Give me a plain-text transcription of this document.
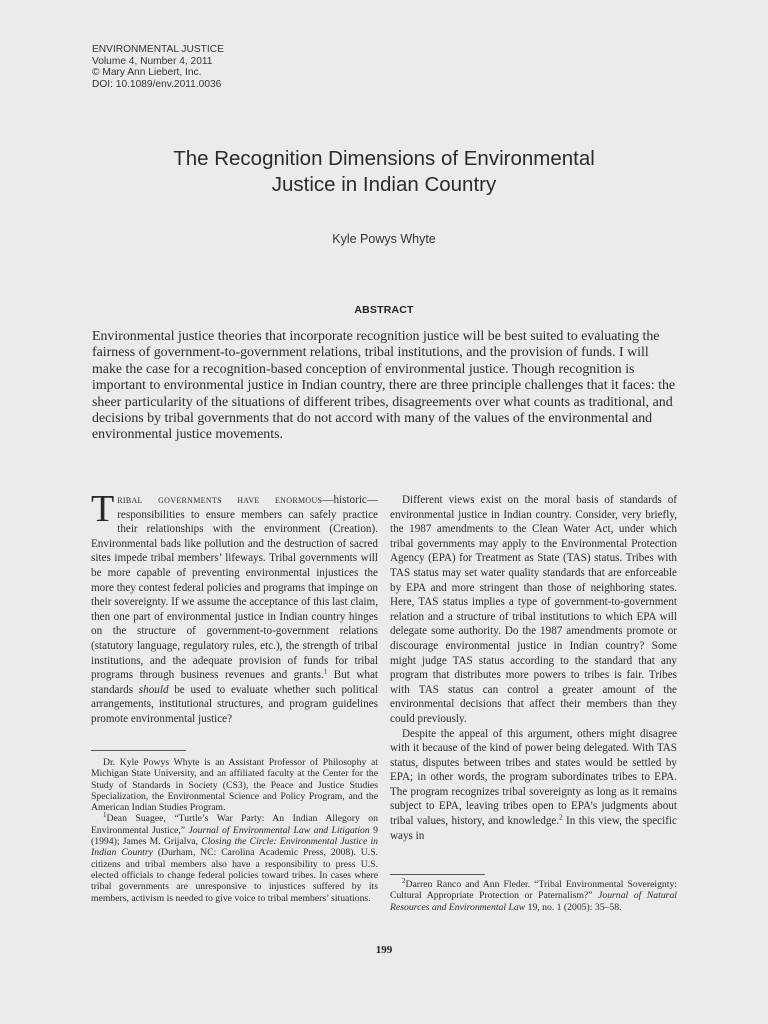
ENVIRONMENTAL JUSTICE
Volume 4, Number 4, 2011
© Mary Ann Liebert, Inc.
DOI: 10.1089/env.2011.0036
The Recognition Dimensions of Environmental
Justice in Indian Country
Kyle Powys Whyte
ABSTRACT
Environmental justice theories that incorporate recognition justice will be best suited to evaluating the fairness of government-to-government relations, tribal institutions, and the provision of funds. I will make the case for a recognition-based conception of environmental justice. Though recognition is important to environmental justice in Indian country, there are three principle challenges that it faces: the sheer particularity of the situations of different tribes, disagreements over what counts as traditional, and decisions by tribal governments that do not accord with many of the values of the environmental and environmental justice movements.

Tribal governments have enormous—historic—responsibilities to ensure members can safely practice their relationships with the environment (Creation). Environmental bads like pollution and the destruction of sacred sites impede tribal members’ lifeways. Tribal governments will be more capable of preventing environmental injustices the more they contest federal policies and programs that impinge on their sovereignty. If we assume the acceptance of this last claim, then one part of environmental justice in Indian country hinges on the structure of government-to-government relations (statutory language, regulatory rules, etc.), the strength of tribal institutions, and the adequate provision of funds for tribal programs through business revenues and grants.$^1$ But what standards should be used to evaluate whether such political arrangements, institutional structures, and program guidelines promote environmental justice?

Different views exist on the moral basis of standards of environmental justice in Indian country. Consider, very briefly, the 1987 amendments to the Clean Water Act, under which tribal governments may apply to the Environmental Protection Agency (EPA) for Treatment as State (TAS) status. Tribes with TAS status may set water quality standards that are enforceable by EPA and more stringent than those of neighboring states. Here, TAS status implies a type of government-to-government relation and a structure of tribal institutions to which EPA will delegate some authority. Do the 1987 amendments promote or discourage environmental justice in Indian country? Some might judge TAS status according to the standard that any program that distributes more powers to tribes is fair. Tribes with TAS status can control a greater amount of the environmental decisions that affect their members than they could previously.

Despite the appeal of this argument, others might disagree with it because of the kind of power being delegated. With TAS status, disputes between tribes and states would be settled by EPA; in other words, the program subordinates tribes to EPA. The program recognizes tribal sovereignty as long as it remains subject to EPA, leaving tribes open to EPA’s judgments about tribal values, history, and knowledge.$^2$ In this view, the specific ways in

Dr. Kyle Powys Whyte is an Assistant Professor of Philosophy at Michigan State University, and an affiliated faculty at the Center for the Study of Standards in Society (CS3), the Peace and Justice Studies Specialization, the Environmental Science and Policy Program, and the American Indian Studies Program.

$^1$Dean Suagee, “Turtle’s War Party: An Indian Allegory on Environmental Justice,” Journal of Environmental Law and Litigation 9 (1994); James M. Grijalva, Closing the Circle: Environmental Justice in Indian Country (Durham, NC: Carolina Academic Press, 2008). U.S. citizens and tribal members also have a responsibility to press U.S. elected officials to change federal policies toward tribes. In cases where tribal governments are unresponsive to injustices suffered by its members, activism is needed to give voice to tribal members’ situations.

$^2$Darren Ranco and Ann Fleder. “Tribal Environmental Sovereignty: Cultural Appropriate Protection or Paternalism?” Journal of Natural Resources and Environmental Law 19, no. 1 (2005): 35–58.

199
